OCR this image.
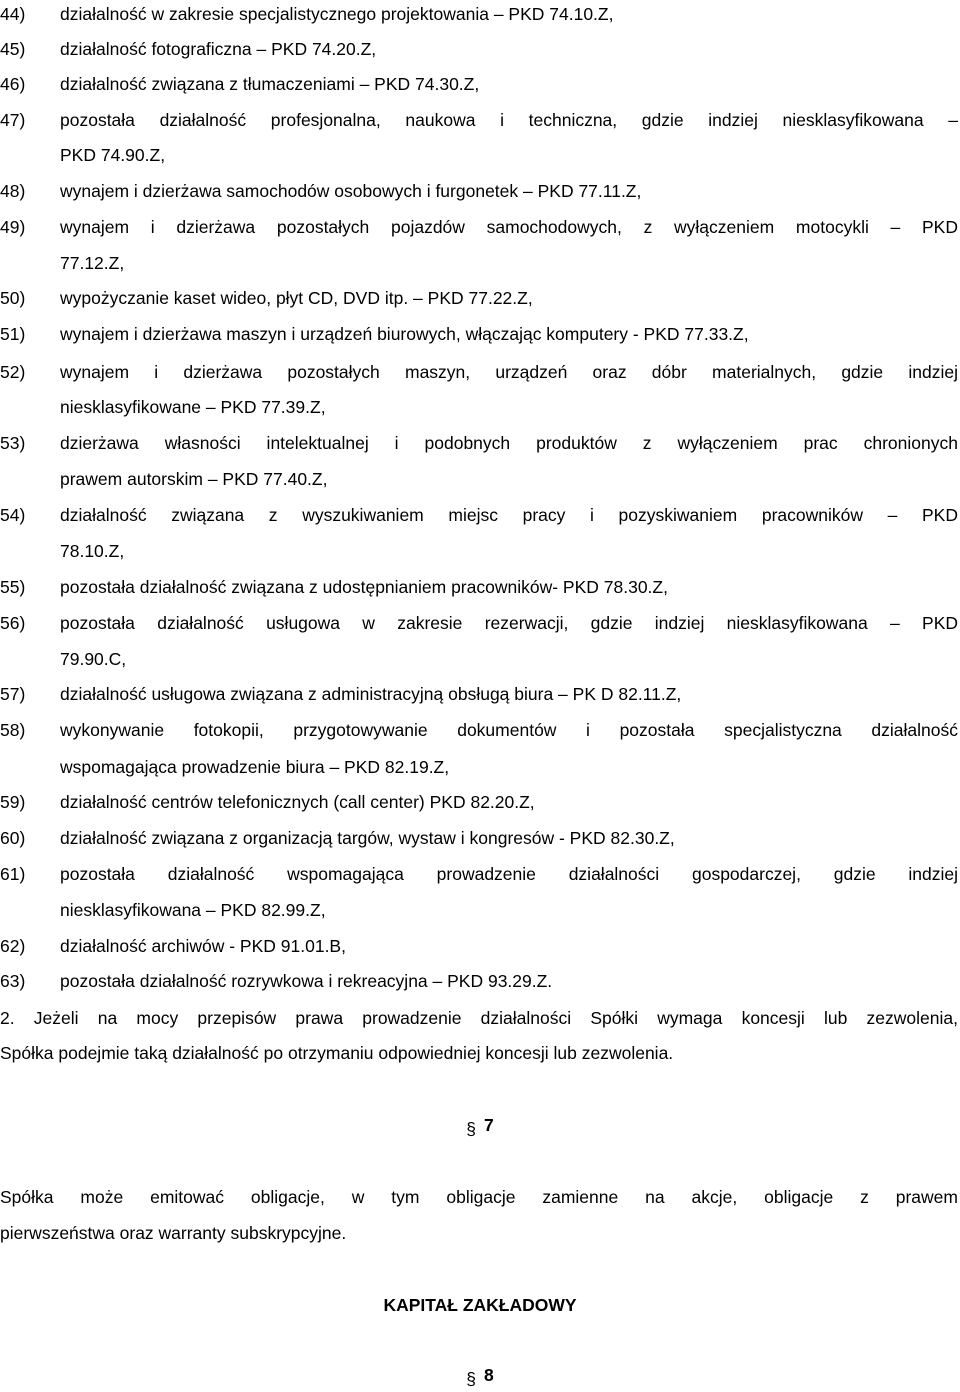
44) działalność w zakresie specjalistycznego projektowania – PKD 74.10.Z,
45) działalność fotograficzna – PKD 74.20.Z,
46) działalność związana z tłumaczeniami – PKD 74.30.Z,
47) pozostała działalność profesjonalna, naukowa i techniczna, gdzie indziej niesklasyfikowana –
PKD 74.90.Z,
48) wynajem i dzierżawa samochodów osobowych i furgonetek – PKD 77.11.Z,
49) wynajem i dzierżawa pozostałych pojazdów samochodowych, z wyłączeniem motocykli – PKD
77.12.Z,
50) wypożyczanie kaset wideo, płyt CD, DVD itp. – PKD 77.22.Z,
51) wynajem i dzierżawa maszyn i urządzeń biurowych, włączając komputery - PKD 77.33.Z,
52) wynajem i dzierżawa pozostałych maszyn, urządzeń oraz dóbr materialnych, gdzie indziej
niesklasyfikowane – PKD 77.39.Z,
53) dzierżawa własności intelektualnej i podobnych produktów z wyłączeniem prac chronionych
prawem autorskim – PKD 77.40.Z,
54) działalność związana z wyszukiwaniem miejsc pracy i pozyskiwaniem pracowników – PKD
78.10.Z,
55) pozostała działalność związana z udostępnianiem pracowników- PKD 78.30.Z,
56) pozostała działalność usługowa w zakresie rezerwacji, gdzie indziej niesklasyfikowana – PKD
79.90.C,
57) działalność usługowa związana z administracyjną obsługą biura – PK D 82.11.Z,
58) wykonywanie fotokopii, przygotowywanie dokumentów i pozostała specjalistyczna działalność
wspomagająca prowadzenie biura – PKD 82.19.Z,
59) działalność centrów telefonicznych (call center) PKD 82.20.Z,
60) działalność związana z organizacją targów, wystaw i kongresów - PKD 82.30.Z,
61) pozostała działalność wspomagająca prowadzenie działalności gospodarczej, gdzie indziej
niesklasyfikowana – PKD 82.99.Z,
62) działalność archiwów - PKD 91.01.B,
63) pozostała działalność rozrywkowa i rekreacyjna – PKD 93.29.Z.
2. Jeżeli na mocy przepisów prawa prowadzenie działalności Spółki wymaga koncesji lub zezwolenia,
Spółka podejmie taką działalność po otrzymaniu odpowiedniej koncesji lub zezwolenia.
§ 7
Spółka może emitować obligacje, w tym obligacje zamienne na akcje, obligacje z prawem
pierwszeństwa oraz warranty subskrypcyjne.
KAPITAŁ ZAKŁADOWY
§ 8
